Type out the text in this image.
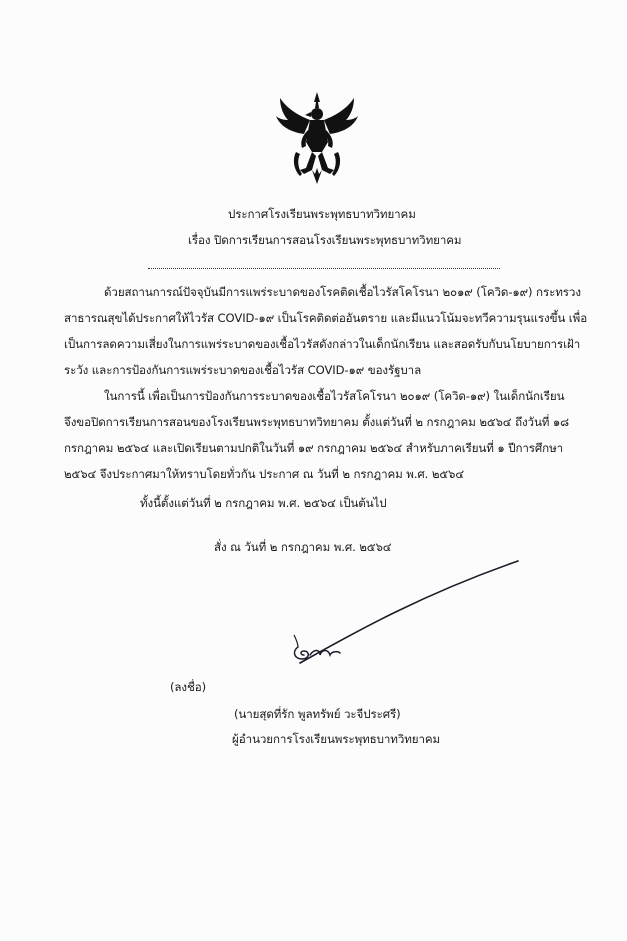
ประกาศโรงเรียนพระพุทธบาทวิทยาคม
เรื่อง ปิดการเรียนการสอนโรงเรียนพระพุทธบาทวิทยาคม
ด้วยสถานการณ์ปัจจุบันมีการแพร่ระบาดของโรคติดเชื้อไวรัสโคโรนา ๒๐๑๙ (โควิด-๑๙) กระทรวง
สาธารณสุขได้ประกาศให้ไวรัส COVID-๑๙ เป็นโรคติดต่ออันตราย และมีแนวโน้มจะทวีความรุนแรงขึ้น เพื่อ
เป็นการลดความเสี่ยงในการแพร่ระบาดของเชื้อไวรัสดังกล่าวในเด็กนักเรียน และสอดรับกับนโยบายการเฝ้า
ระวัง และการป้องกันการแพร่ระบาดของเชื้อไวรัส COVID-๑๙ ของรัฐบาล
ในการนี้ เพื่อเป็นการป้องกันการระบาดของเชื้อไวรัสโคโรนา ๒๐๑๙ (โควิด-๑๙) ในเด็กนักเรียน
จึงขอปิดการเรียนการสอนของโรงเรียนพระพุทธบาทวิทยาคม ตั้งแต่วันที่ ๒ กรกฎาคม ๒๕๖๔ ถึงวันที่ ๑๘
กรกฎาคม ๒๕๖๔ และเปิดเรียนตามปกติในวันที่ ๑๙ กรกฎาคม ๒๕๖๔ สำหรับภาคเรียนที่ ๑ ปีการศึกษา
๒๕๖๔ จึงประกาศมาให้ทราบโดยทั่วกัน ประกาศ ณ วันที่ ๒ กรกฎาคม พ.ศ. ๒๕๖๔
ทั้งนี้ตั้งแต่วันที่ ๒ กรกฎาคม พ.ศ. ๒๕๖๔ เป็นต้นไป
สั่ง ณ วันที่ ๒ กรกฎาคม พ.ศ. ๒๕๖๔
(ลงชื่อ)
(นายสุดที่รัก พูลทรัพย์ วะจีประศรี)
ผู้อำนวยการโรงเรียนพระพุทธบาทวิทยาคม
